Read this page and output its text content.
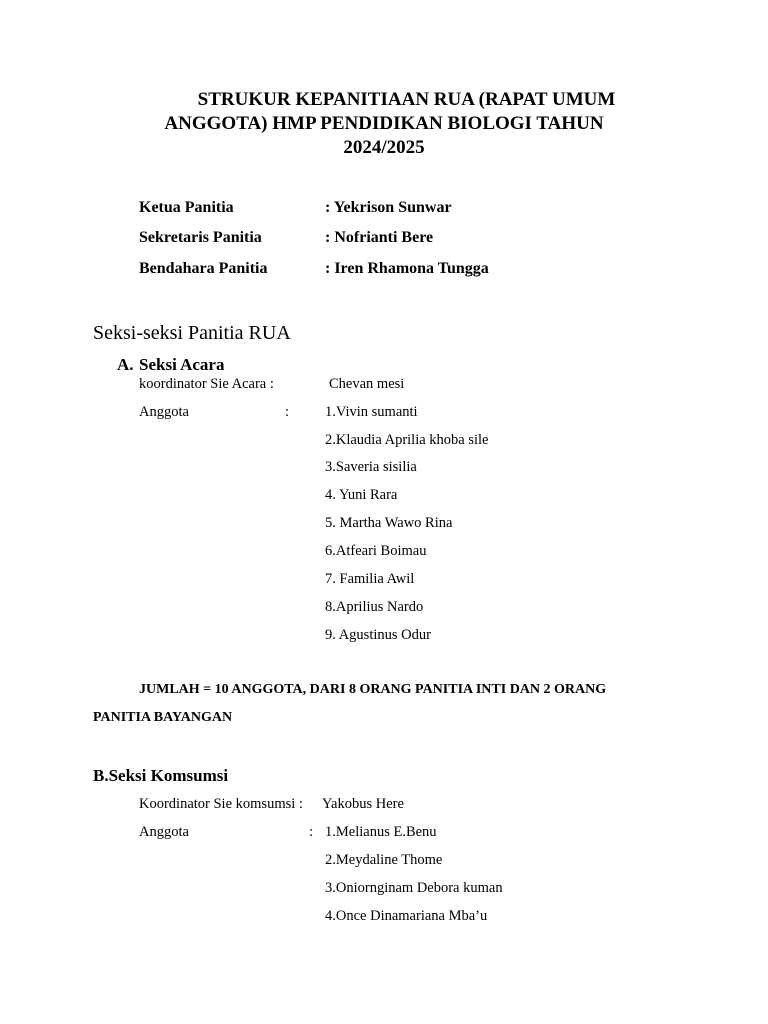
STRUKUR KEPANITIAAN RUA (RAPAT UMUM
ANGGOTA) HMP PENDIDIKAN BIOLOGI TAHUN
2024/2025
Ketua Panitia	: Yekrison Sunwar
Sekretaris Panitia	: Nofrianti Bere
Bendahara Panitia	: Iren Rhamona Tungga
Seksi-seksi Panitia RUA
A. Seksi Acara
koordinator Sie Acara :	Chevan mesi
Anggota	: 1.Vivin sumanti
2.Klaudia Aprilia khoba sile
3.Saveria sisilia
4. Yuni Rara
5. Martha Wawo Rina
6.Atfeari Boimau
7. Familia Awil
8.Aprilius Nardo
9. Agustinus Odur
JUMLAH = 10 ANGGOTA, DARI 8 ORANG PANITIA INTI DAN 2 ORANG
PANITIA BAYANGAN
B.Seksi Komsumsi
Koordinator Sie komsumsi : Yakobus Here
Anggota	: 1.Melianus E.Benu
2.Meydaline Thome
3.Oniornginam Debora kuman
4.Once Dinamariana Mba’u
